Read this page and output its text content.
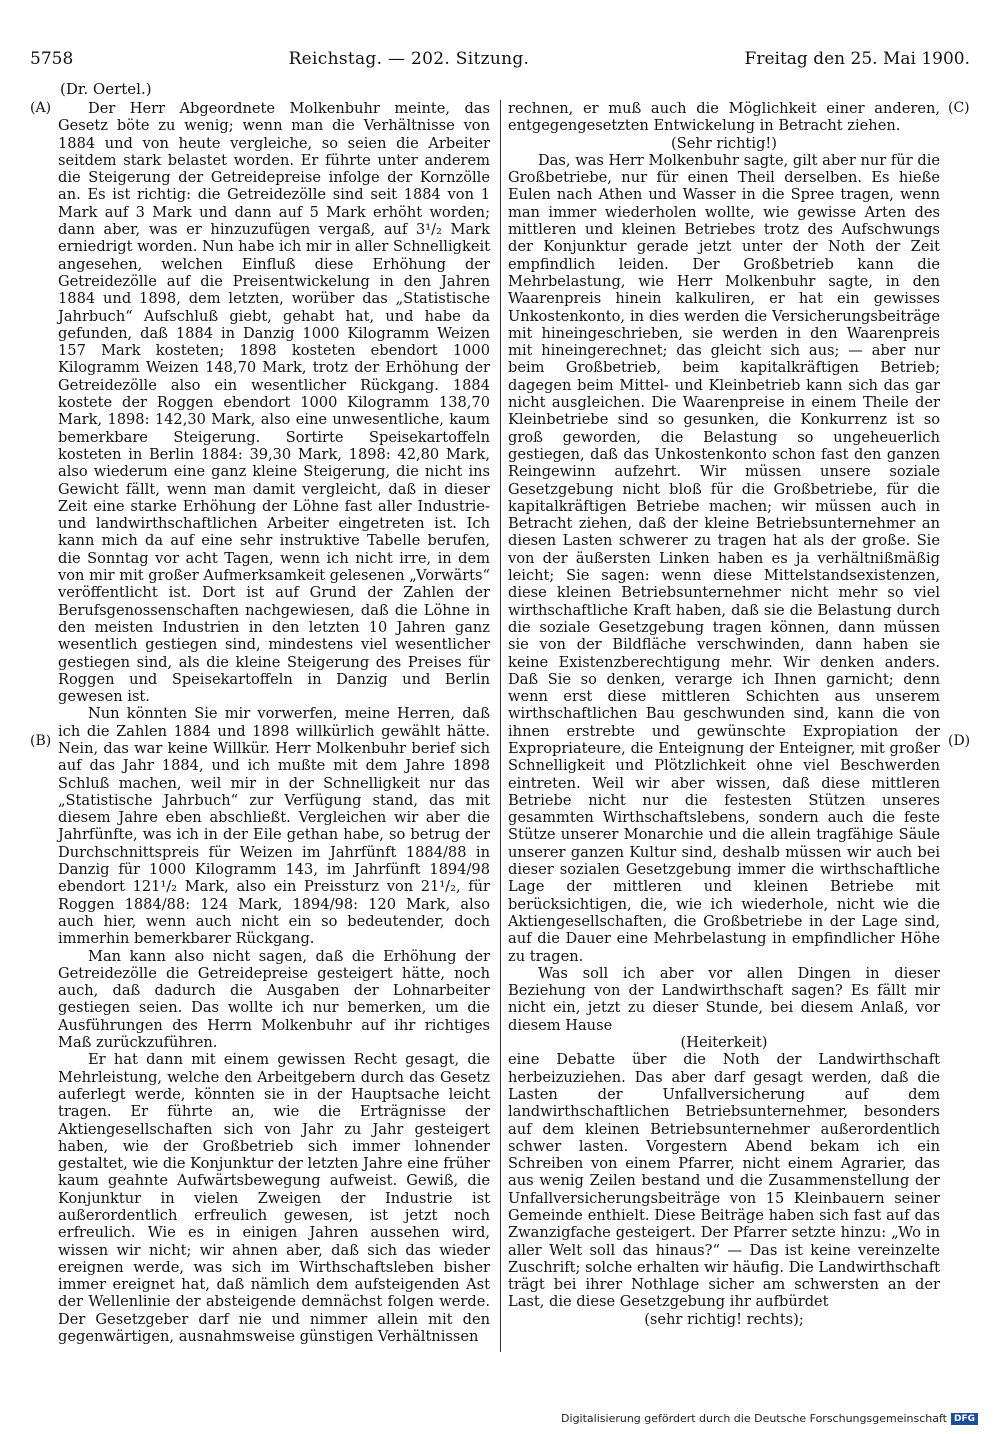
5758	Reichstag. — 202. Sitzung.	Freitag den 25. Mai 1900.
(Dr. Oertel.)
(A)
(B)
(C)
(D)

Der Herr Abgeordnete Molkenbuhr meinte, das Gesetz böte zu wenig; wenn man die Verhältnisse von 1884 und von heute vergleiche, so seien die Arbeiter seitdem stark belastet worden. Er führte unter anderem die Steigerung der Getreidepreise infolge der Kornzölle an. Es ist richtig: die Getreidezölle sind seit 1884 von 1 Mark auf 3 Mark und dann auf 5 Mark erhöht worden; dann aber, was er hinzuzufügen vergaß, auf 3¹/₂ Mark erniedrigt worden. Nun habe ich mir in aller Schnelligkeit angesehen, welchen Einfluß diese Erhöhung der Getreidezölle auf die Preisentwickelung in den Jahren 1884 und 1898, dem letzten, worüber das „Statistische Jahrbuch“ Aufschluß giebt, gehabt hat, und habe da gefunden, daß 1884 in Danzig 1000 Kilogramm Weizen 157 Mark kosteten; 1898 kosteten ebendort 1000 Kilogramm Weizen 148,70 Mark, trotz der Erhöhung der Getreidezölle also ein wesentlicher Rückgang. 1884 kostete der Roggen ebendort 1000 Kilogramm 138,70 Mark, 1898: 142,30 Mark, also eine unwesentliche, kaum bemerkbare Steigerung. Sortirte Speisekartoffeln kosteten in Berlin 1884: 39,30 Mark, 1898: 42,80 Mark, also wiederum eine ganz kleine Steigerung, die nicht ins Gewicht fällt, wenn man damit vergleicht, daß in dieser Zeit eine starke Erhöhung der Löhne fast aller Industrie- und landwirthschaftlichen Arbeiter eingetreten ist. Ich kann mich da auf eine sehr instruktive Tabelle berufen, die Sonntag vor acht Tagen, wenn ich nicht irre, in dem von mir mit großer Aufmerksamkeit gelesenen „Vorwärts“ veröffentlicht ist. Dort ist auf Grund der Zahlen der Berufsgenossenschaften nachgewiesen, daß die Löhne in den meisten Industrien in den letzten 10 Jahren ganz wesentlich gestiegen sind, mindestens viel wesentlicher gestiegen sind, als die kleine Steigerung des Preises für Roggen und Speisekartoffeln in Danzig und Berlin gewesen ist.

Nun könnten Sie mir vorwerfen, meine Herren, daß ich die Zahlen 1884 und 1898 willkürlich gewählt hätte. Nein, das war keine Willkür. Herr Molkenbuhr berief sich auf das Jahr 1884, und ich mußte mit dem Jahre 1898 Schluß machen, weil mir in der Schnelligkeit nur das „Statistische Jahrbuch“ zur Verfügung stand, das mit diesem Jahre eben abschließt. Vergleichen wir aber die Jahrfünfte, was ich in der Eile gethan habe, so betrug der Durchschnittspreis für Weizen im Jahrfünft 1884/88 in Danzig für 1000 Kilogramm 143, im Jahrfünft 1894/98 ebendort 121¹/₂ Mark, also ein Preissturz von 21¹/₂, für Roggen 1884/88: 124 Mark, 1894/98: 120 Mark, also auch hier, wenn auch nicht ein so bedeutender, doch immerhin bemerkbarer Rückgang.

Man kann also nicht sagen, daß die Erhöhung der Getreidezölle die Getreidepreise gesteigert hätte, noch auch, daß dadurch die Ausgaben der Lohnarbeiter gestiegen seien. Das wollte ich nur bemerken, um die Ausführungen des Herrn Molkenbuhr auf ihr richtiges Maß zurückzuführen.

Er hat dann mit einem gewissen Recht gesagt, die Mehrleistung, welche den Arbeitgebern durch das Gesetz auferlegt werde, könnten sie in der Hauptsache leicht tragen. Er führte an, wie die Erträgnisse der Aktiengesellschaften sich von Jahr zu Jahr gesteigert haben, wie der Großbetrieb sich immer lohnender gestaltet, wie die Konjunktur der letzten Jahre eine früher kaum geahnte Aufwärtsbewegung aufweist. Gewiß, die Konjunktur in vielen Zweigen der Industrie ist außerordentlich erfreulich gewesen, ist jetzt noch erfreulich. Wie es in einigen Jahren aussehen wird, wissen wir nicht; wir ahnen aber, daß sich das wieder ereignen werde, was sich im Wirthschaftsleben bisher immer ereignet hat, daß nämlich dem aufsteigenden Ast der Wellenlinie der absteigende demnächst folgen werde. Der Gesetzgeber darf nie und nimmer allein mit den gegenwärtigen, ausnahmsweise günstigen Verhältnissen

rechnen, er muß auch die Möglichkeit einer anderen, entgegengesetzten Entwickelung in Betracht ziehen.

(Sehr richtig!)

Das, was Herr Molkenbuhr sagte, gilt aber nur für die Großbetriebe, nur für einen Theil derselben. Es hieße Eulen nach Athen und Wasser in die Spree tragen, wenn man immer wiederholen wollte, wie gewisse Arten des mittleren und kleinen Betriebes trotz des Aufschwungs der Konjunktur gerade jetzt unter der Noth der Zeit empfindlich leiden. Der Großbetrieb kann die Mehrbelastung, wie Herr Molkenbuhr sagte, in den Waarenpreis hinein kalkuliren, er hat ein gewisses Unkostenkonto, in dies werden die Versicherungsbeiträge mit hineingeschrieben, sie werden in den Waarenpreis mit hineingerechnet; das gleicht sich aus; — aber nur beim Großbetrieb, beim kapitalkräftigen Betrieb; dagegen beim Mittel- und Kleinbetrieb kann sich das gar nicht ausgleichen. Die Waarenpreise in einem Theile der Kleinbetriebe sind so gesunken, die Konkurrenz ist so groß geworden, die Belastung so ungeheuerlich gestiegen, daß das Unkostenkonto schon fast den ganzen Reingewinn aufzehrt. Wir müssen unsere soziale Gesetzgebung nicht bloß für die Großbetriebe, für die kapitalkräftigen Betriebe machen; wir müssen auch in Betracht ziehen, daß der kleine Betriebsunternehmer an diesen Lasten schwerer zu tragen hat als der große. Sie von der äußersten Linken haben es ja verhältnißmäßig leicht; Sie sagen: wenn diese Mittelstandsexistenzen, diese kleinen Betriebsunternehmer nicht mehr so viel wirthschaftliche Kraft haben, daß sie die Belastung durch die soziale Gesetzgebung tragen können, dann müssen sie von der Bildfläche verschwinden, dann haben sie keine Existenzberechtigung mehr. Wir denken anders. Daß Sie so denken, verarge ich Ihnen garnicht; denn wenn erst diese mittleren Schichten aus unserem wirthschaftlichen Bau geschwunden sind, kann die von ihnen erstrebte und gewünschte Expropiation der Expropriateure, die Enteignung der Enteigner, mit großer Schnelligkeit und Plötzlichkeit ohne viel Beschwerden eintreten. Weil wir aber wissen, daß diese mittleren Betriebe nicht nur die festesten Stützen unseres gesammten Wirthschaftslebens, sondern auch die feste Stütze unserer Monarchie und die allein tragfähige Säule unserer ganzen Kultur sind, deshalb müssen wir auch bei dieser sozialen Gesetzgebung immer die wirthschaftliche Lage der mittleren und kleinen Betriebe mit berücksichtigen, die, wie ich wiederhole, nicht wie die Aktiengesellschaften, die Großbetriebe in der Lage sind, auf die Dauer eine Mehrbelastung in empfindlicher Höhe zu tragen.

Was soll ich aber vor allen Dingen in dieser Beziehung von der Landwirthschaft sagen? Es fällt mir nicht ein, jetzt zu dieser Stunde, bei diesem Anlaß, vor diesem Hause

(Heiterkeit)

eine Debatte über die Noth der Landwirthschaft herbeizuziehen. Das aber darf gesagt werden, daß die Lasten der Unfallversicherung auf dem landwirthschaftlichen Betriebsunternehmer, besonders auf dem kleinen Betriebsunternehmer außerordentlich schwer lasten. Vorgestern Abend bekam ich ein Schreiben von einem Pfarrer, nicht einem Agrarier, das aus wenig Zeilen bestand und die Zusammenstellung der Unfallversicherungsbeiträge von 15 Kleinbauern seiner Gemeinde enthielt. Diese Beiträge haben sich fast auf das Zwanzigfache gesteigert. Der Pfarrer setzte hinzu: „Wo in aller Welt soll das hinaus?“ — Das ist keine vereinzelte Zuschrift; solche erhalten wir häufig. Die Landwirthschaft trägt bei ihrer Nothlage sicher am schwersten an der Last, die diese Gesetzgebung ihr aufbürdet

(sehr richtig! rechts);

Digitalisierung gefördert durch die Deutsche Forschungsgemeinschaft DFG
